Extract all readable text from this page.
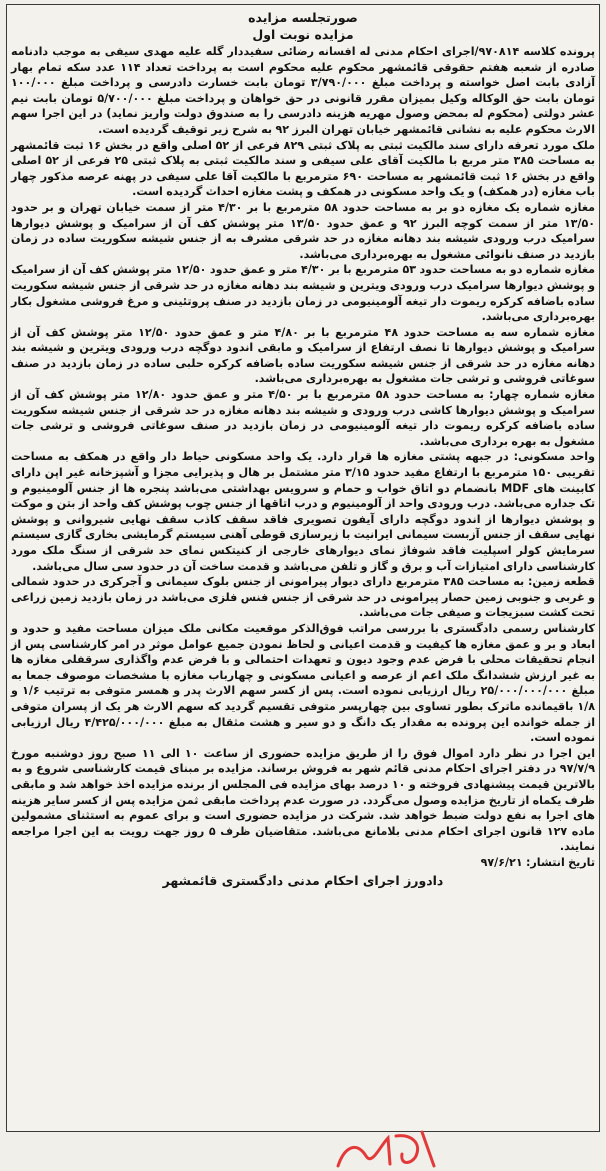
صورتجلسه مزایده

مزایده نوبت اول

پرونده کلاسه ۹۷۰۸۱۴/اجرای احکام مدنی له افسانه رضائی سفیددار گله علیه مهدی سیفی به موجب دادنامه صادره از شعبه هفتم حقوقی قائمشهر محکوم علیه محکوم است به پرداخت تعداد ۱۱۴ عدد سکه تمام بهار آزادی بابت اصل خواسته و پرداخت مبلغ ۳/۷۹۰/۰۰۰ تومان بابت خسارت دادرسی و پرداخت مبلغ ۱۰۰/۰۰۰ تومان بابت حق الوکاله وکیل بمیزان مقرر قانونی در حق خواهان و پرداخت مبلغ ۵/۷۰۰/۰۰۰ تومان بابت نیم عشر دولتی (محکوم له بمحض وصول مهریه هزینه دادرسی را به صندوق دولت واریز نماید) در این اجرا سهم الارث محکوم علیه به نشانی قائمشهر خیابان تهران البرز ۹۲ به شرح زیر توقیف گردیده است.

ملک مورد تعرفه دارای سند مالکیت ثبتی به پلاک ثبتی ۸۲۹ فرعی از ۵۲ اصلی واقع در بخش ۱۶ ثبت قائمشهر به مساحت ۳۸۵ متر مربع با مالکیت آقای علی سیفی و سند مالکیت ثبتی به پلاک ثبتی ۲۵ فرعی از ۵۲ اصلی واقع در بخش ۱۶ ثبت قائمشهر به مساحت ۶۹۰ مترمربع با مالکیت آقا علی سیفی در پهنه عرصه مذکور چهار باب مغازه (در همکف) و یک واحد مسکونی در همکف و پشت مغازه احداث گردیده است.

مغازه شماره یک مغازه دو بر به مساحت حدود ۵۸ مترمربع با بر ۴/۳۰ متر از سمت خیابان تهران و بر حدود ۱۳/۵۰ متر از سمت کوچه البرز ۹۲ و عمق حدود ۱۳/۵۰ متر پوشش کف آن از سرامیک و پوشش دیوارها سرامیک درب ورودی شیشه بند دهانه مغازه در حد شرقی مشرف به از جنس شیشه سکوریت ساده در زمان بازدید در صنف نانوائی مشغول به بهره‌برداری می‌باشد.

مغازه شماره دو به مساحت حدود ۵۳ مترمربع با بر ۴/۳۰ متر و عمق حدود ۱۲/۵۰ متر پوشش کف آن از سرامیک و پوشش دیوارها سرامیک درب ورودی ویترین و شیشه بند دهانه مغازه در حد شرقی از جنس شیشه سکوریت ساده باضافه کرکره ریموت دار تیغه آلومینیومی در زمان بازدید در صنف پروتئینی و مرغ فروشی مشغول بکار بهره‌برداری می‌باشد.

مغازه شماره سه به مساحت حدود ۴۸ مترمربع با بر ۴/۸۰ متر و عمق حدود ۱۲/۵۰ متر پوشش کف آن از سرامیک و پوشش دیوارها تا نصف ارتفاع از سرامیک و مابقی اندود دوگچه درب ورودی ویترین و شیشه بند دهانه مغازه در حد شرقی از جنس شیشه سکوریت ساده باضافه کرکره حلبی ساده در زمان بازدید در صنف سوغاتی فروشی و ترشی جات مشغول به بهره‌برداری می‌باشد.

مغازه شماره چهار: به مساحت حدود ۵۸ مترمربع با بر ۴/۵۰ متر و عمق حدود ۱۲/۸۰ متر پوشش کف آن از سرامیک و پوشش دیوارها کاشی درب ورودی و شیشه بند دهانه مغازه در حد شرقی از جنس شیشه سکوریت ساده باضافه کرکره ریموت دار تیغه آلومینیومی در زمان بازدید در صنف سوغاتی فروشی و ترشی جات مشغول به بهره برداری می‌باشد.

واحد مسکونی: در جبهه پشتی مغازه ها قرار دارد. یک واحد مسکونی حیاط دار واقع در همکف به مساحت تقریبی ۱۵۰ مترمربع با ارتفاع مفید حدود ۳/۱۵ متر مشتمل بر هال و پذیرایی مجزا و آشپزخانه غیر اپن دارای کابینت های MDF بانضمام دو اتاق خواب و حمام و سرویس بهداشتی می‌باشد پنجره ها از جنس آلومینیوم و تک جداره می‌باشد. درب ورودی واحد از آلومینیوم و درب اتاقها از جنس چوب پوشش کف واحد از بتن و موکت و پوشش دیوارها از اندود دوگچه دارای آیفون تصویری فاقد سقف کاذب سقف نهایی شیروانی و پوشش نهایی سقف از جنس آزبست سیمانی ایرانیت با زیرسازی قوطی آهنی سیستم گرمایشی بخاری گازی سیستم سرمایش کولر اسپلیت فاقد شوفاژ نمای دیوارهای خارجی از کنیتکس نمای حد شرقی از سنگ ملک مورد کارشناسی دارای امتیازات آب و برق و گاز و تلفن می‌باشد و قدمت ساخت آن در حدود سی سال می‌باشد.

قطعه زمین: به مساحت ۳۸۵ مترمربع دارای دیوار پیرامونی از جنس بلوک سیمانی و آجرکری در حدود شمالی و غربی و جنوبی زمین حصار پیرامونی در حد شرقی از جنس فنس فلزی می‌باشد در زمان بازدید زمین زراعی تحت کشت سبزیجات و صیفی جات می‌باشد.

کارشناس رسمی دادگستری با بررسی مراتب فوق‌الذکر موقعیت مکانی ملک میزان مساحت مفید و حدود و ابعاد و بر و عمق مغازه ها کیفیت و قدمت اعیانی و لحاظ نمودن جمیع عوامل موثر در امر کارشناسی پس از انجام تحقیقات محلی با فرض عدم وجود دیون و تعهدات احتمالی و با فرض عدم واگذاری سرقفلی مغازه ها به غیر ارزش ششدانگ ملک اعم از عرصه و اعیانی مسکونی و چهارباب مغازه با مشخصات موصوف جمعا به مبلغ ۲۵/۰۰۰/۰۰۰/۰۰۰ ریال ارزیابی نموده است. پس از کسر سهم الارث پدر و همسر متوفی به ترتیب ۱/۶ و ۱/۸ باقیمانده ماترک بطور تساوی بین چهارپسر متوفی تقسیم گردید که سهم الارث هر یک از پسران متوفی از جمله خوانده این پرونده به مقدار یک دانگ و دو سیر و هشت مثقال به مبلغ ۴/۴۲۵/۰۰۰/۰۰۰ ریال ارزیابی نموده است.

این اجرا در نظر دارد اموال فوق را از طریق مزایده حضوری از ساعت ۱۰ الی ۱۱ صبح روز دوشنبه مورخ ۹۷/۷/۹ در دفتر اجرای احکام مدنی قائم شهر به فروش برساند. مزایده بر مبنای قیمت کارشناسی شروع و به بالاترین قیمت پیشنهادی فروخته و ۱۰ درصد بهای مزایده فی المجلس از برنده مزایده اخذ خواهد شد و مابقی ظرف یکماه از تاریخ مزایده وصول می‌گردد. در صورت عدم پرداخت مابقی ثمن مزایده پس از کسر سایر هزینه های اجرا به نفع دولت ضبط خواهد شد. شرکت در مزایده حضوری است و برای عموم به استثنای مشمولین ماده ۱۲۷ قانون اجرای احکام مدنی بلامانع می‌باشد. متقاضیان ظرف ۵ روز جهت رویت به این اجرا مراجعه نمایند.

تاریخ انتشار: ۹۷/۶/۲۱

دادورز اجرای احکام مدنی دادگستری قائمشهر
